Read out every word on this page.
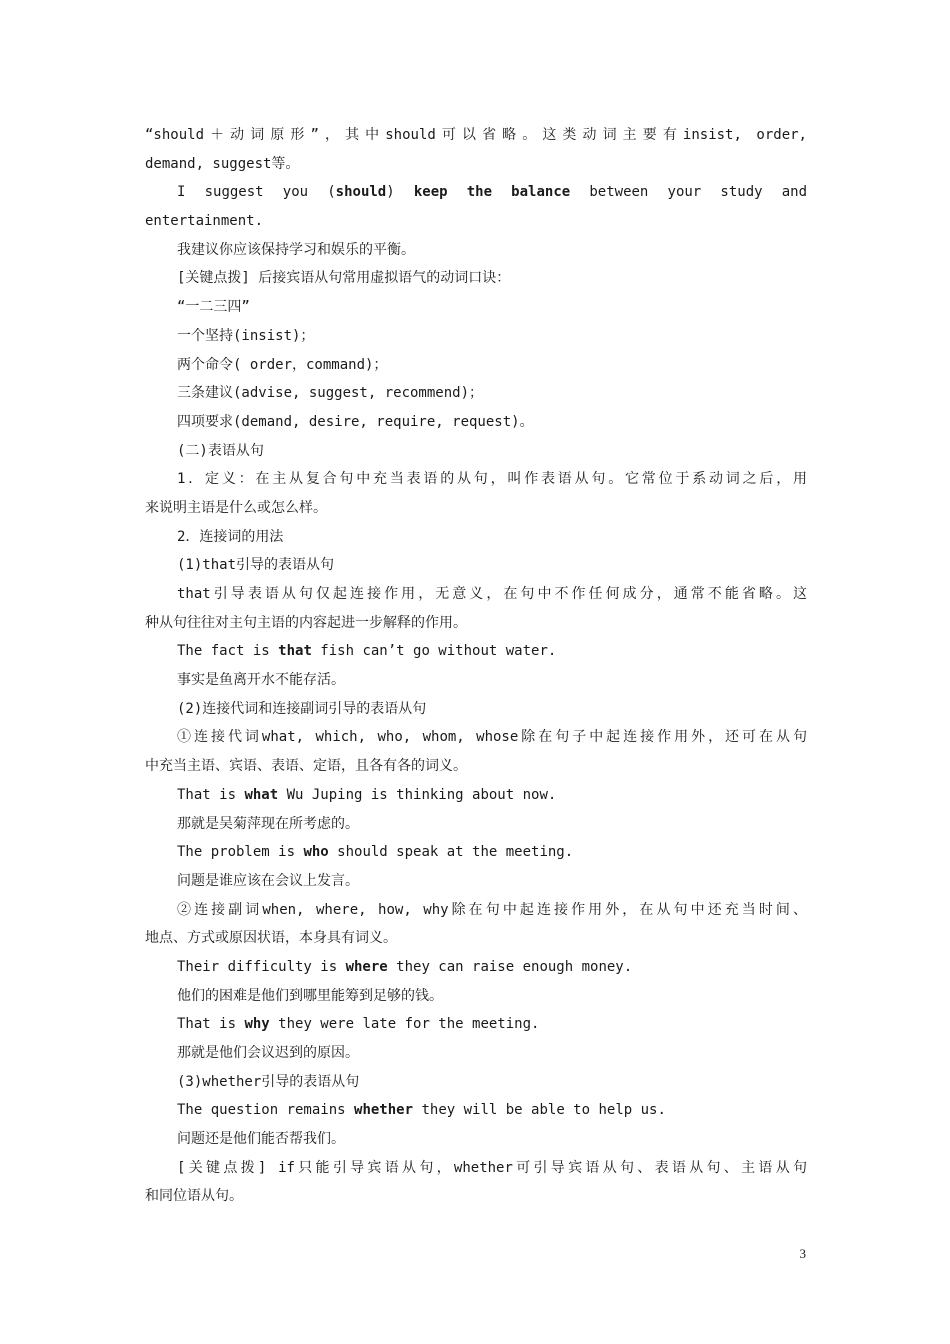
“should＋动词原形”，其中should可以省略。这类动词主要有insist, order,
demand, suggest等。
I suggest you (should) keep the balance between your study and
entertainment.
我建议你应该保持学习和娱乐的平衡。
[关键点拨] 后接宾语从句常用虚拟语气的动词口诀：
“一二三四”
一个坚持(insist)；
两个命令( order，command)；
三条建议(advise, suggest, recommend)；
四项要求(demand, desire, require, request)。
(二)表语从句
1．定义：在主从复合句中充当表语的从句，叫作表语从句。它常位于系动词之后，用
来说明主语是什么或怎么样。
2．连接词的用法
(1)that引导的表语从句
that引导表语从句仅起连接作用，无意义，在句中不作任何成分，通常不能省略。这
种从句往往对主句主语的内容起进一步解释的作用。
The fact is that fish can’t go without water.
事实是鱼离开水不能存活。
(2)连接代词和连接副词引导的表语从句
①连接代词what, which, who, whom, whose除在句子中起连接作用外，还可在从句
中充当主语、宾语、表语、定语，且各有各的词义。
That is what Wu Juping is thinking about now.
那就是吴菊萍现在所考虑的。
The problem is who should speak at the meeting.
问题是谁应该在会议上发言。
②连接副词when, where, how, why除在句中起连接作用外，在从句中还充当时间、
地点、方式或原因状语，本身具有词义。
Their difficulty is where they can raise enough money.
他们的困难是他们到哪里能筹到足够的钱。
That is why they were late for the meeting.
那就是他们会议迟到的原因。
(3)whether引导的表语从句
The question remains whether they will be able to help us.
问题还是他们能否帮我们。
[关键点拨] if只能引导宾语从句，whether可引导宾语从句、表语从句、主语从句
和同位语从句。
3
